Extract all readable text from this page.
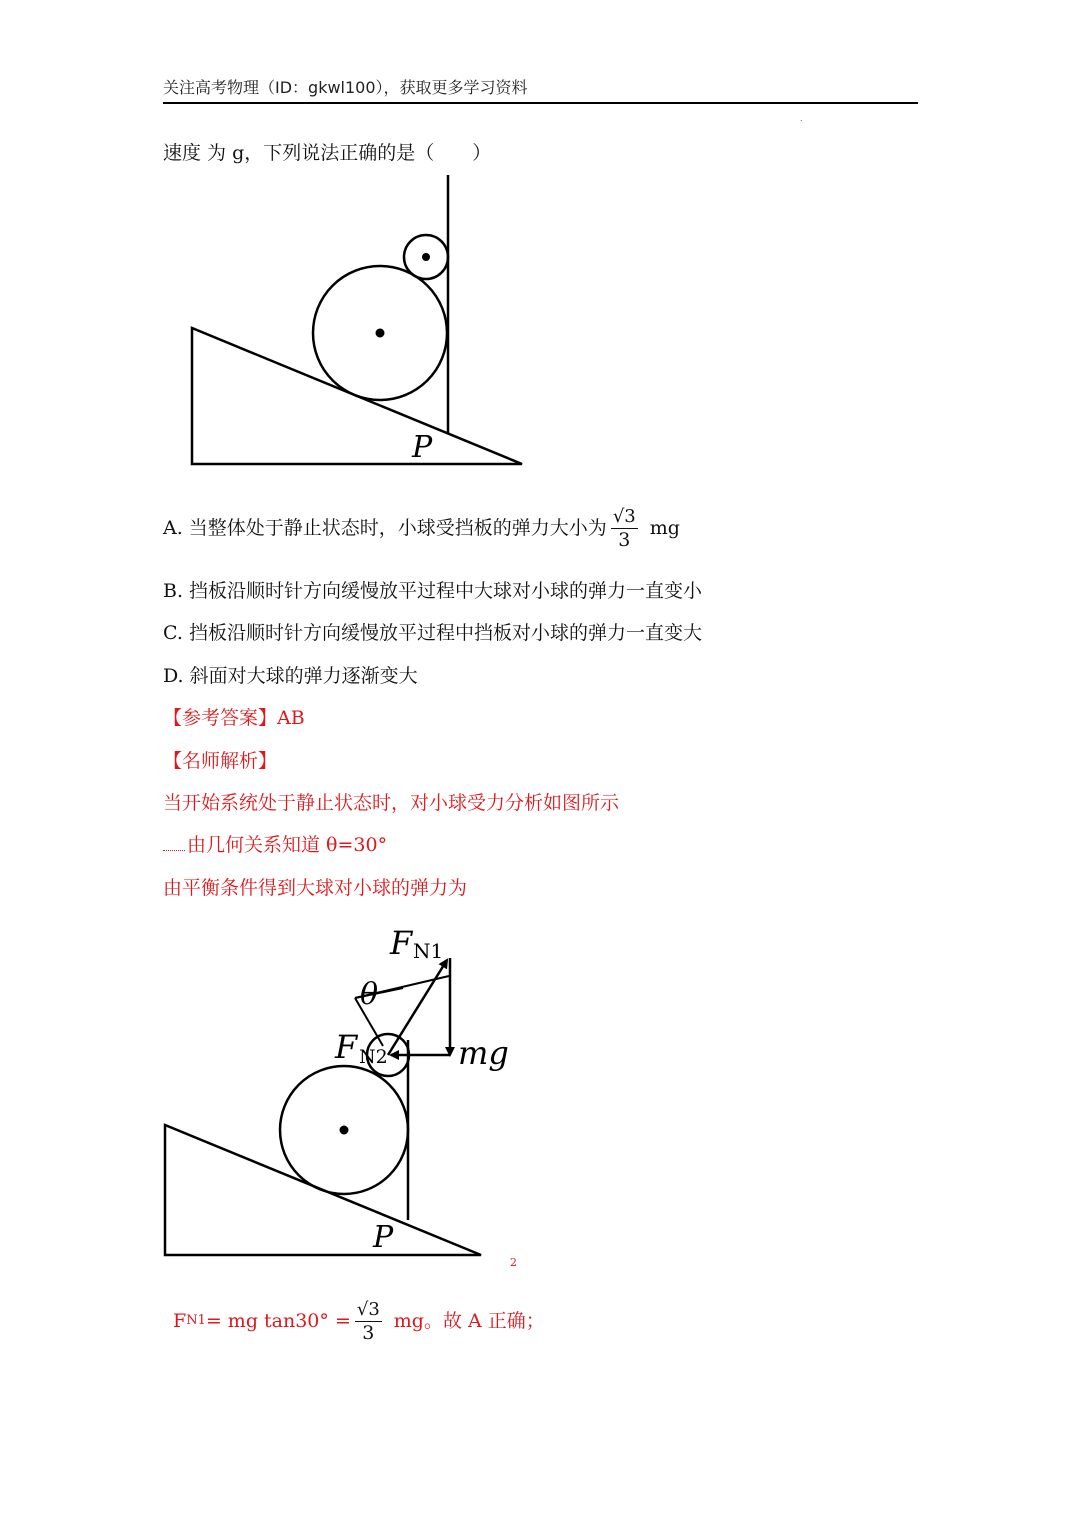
关注高考物理（ID：gkwl100），获取更多学习资料
.
速度 为 g，下列说法正确的是（　　）
P
A. 当整体处于静止状态时，小球受挡板的弹力大小为 $\frac{√3}{3}$ mg
B. 挡板沿顺时针方向缓慢放平过程中大球对小球的弹力一直变小
C. 挡板沿顺时针方向缓慢放平过程中挡板对小球的弹力一直变大
D. 斜面对大球的弹力逐渐变大
【参考答案】AB
【名师解析】
当开始系统处于静止状态时，对小球受力分析如图所示
由几何关系知道 θ=30°
由平衡条件得到大球对小球的弹力为
F N1
θ
F N2 mg
P
2
F N1 = mg $\tan 30^\circ = \frac{√3}{3}$ mg。故 A 正确；
